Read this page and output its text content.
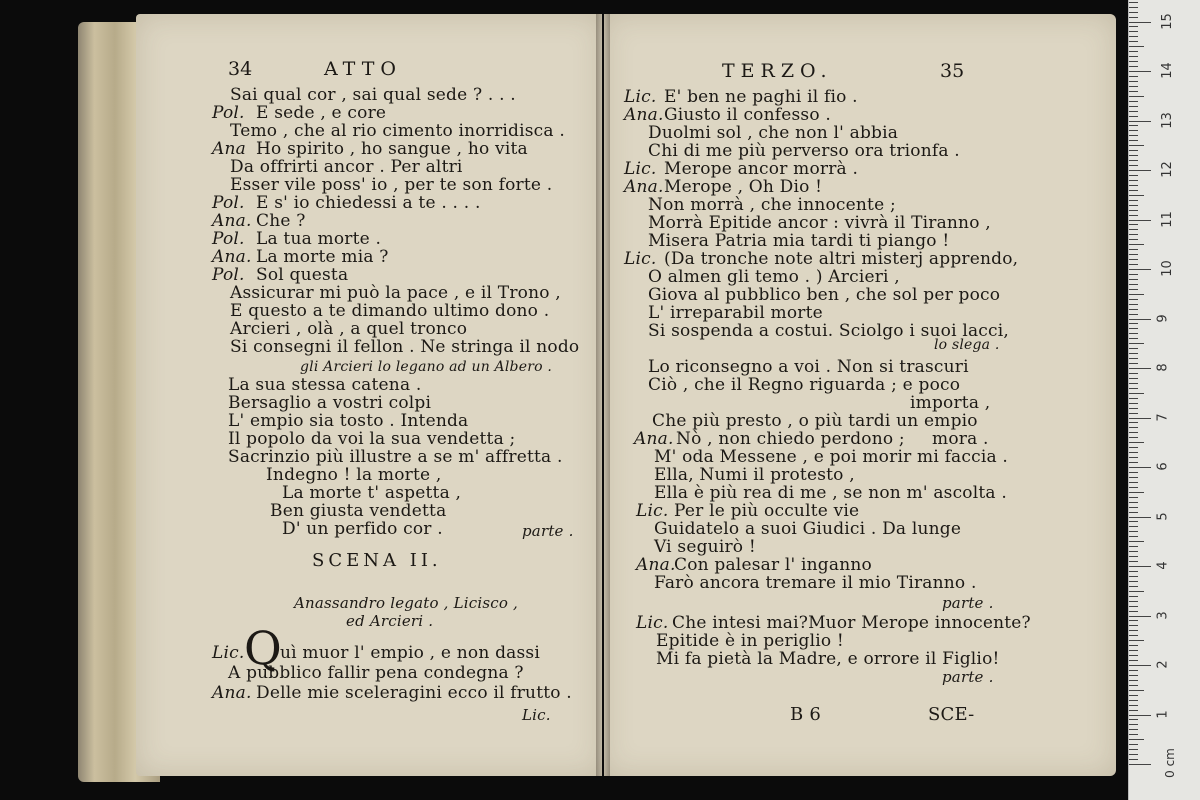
34	ATTO
gli Arcieri lo legano ad un Albero .
parte .
SCENA II.
Anassandro legato , Licisco ,
ed Arcieri .
Lic. Q
uì muor l' empio , e non dassi
A pubblico fallir pena condegna ?
Ana. Delle mie sceleragini ecco il frutto .
Lic.
Sai qual cor , sai qual sede ? . . .
Pol. E sede , e core
Temo , che al rio cimento inorridisca .
Ana Ho spirito , ho sangue , ho vita
Da offrirti ancor . Per altri
Esser vile poss' io , per te son forte .
Pol. E s' io chiedessi a te . . . .
Ana. Che ?
Pol. La tua morte .
Ana. La morte mia ?
Pol. Sol questa
Assicurar mi può la pace , e il Trono ,
E questo a te dimando ultimo dono .
Arcieri , olà , a quel tronco
Si consegni il fellon . Ne stringa il nodo
La sua stessa catena .
Bersaglio a vostri colpi
L' empio sia tosto . Intenda
Il popolo da voi la sua vendetta ;
Sacrinzio più illustre a se m' affretta .
Indegno ! la morte ,
La morte t' aspetta ,
Ben giusta vendetta
D' un perfido cor .
TERZO.	35
lo slega .
importa ,
mora .
parte .
parte .
B 6	SCE-
Lic. E' ben ne paghi il fio .
Ana. Giusto il confesso .
Duolmi sol , che non l' abbia
Chi di me più perverso ora trionfa .
Lic. Merope ancor morrà .
Ana. Merope , Oh Dio !
Non morrà , che innocente ;
Morrà Epitide ancor : vivrà il Tiranno ,
Misera Patria mia tardi ti piango !
Lic. (Da tronche note altri misterj apprendo,
O almen gli temo . ) Arcieri ,
Giova al pubblico ben , che sol per poco
L' irreparabil morte
Si sospenda a costui. Sciolgo i suoi lacci,
Lo riconsegno a voi . Non si trascuri
Ciò , che il Regno riguarda ; e poco
Che più presto , o più tardi un empio
Ana. Nò , non chiedo perdono ;
M' oda Messene , e poi morir mi faccia .
Ella, Numi il protesto ,
Ella è più rea di me , se non m' ascolta .
Lic. Per le più occulte vie
Guidatelo a suoi Giudici . Da lunge
Vi seguirò !
Ana.
Con palesar l' inganno
Farò ancora tremare il mio Tiranno .
Lic. Che intesi mai?Muor Merope innocente?
Epitide è in periglio !
Mi fa pietà la Madre, e orrore il Figlio!
0 cm
1
2
3
4
5
6
7
8
9
10
11
12
13
14
15
